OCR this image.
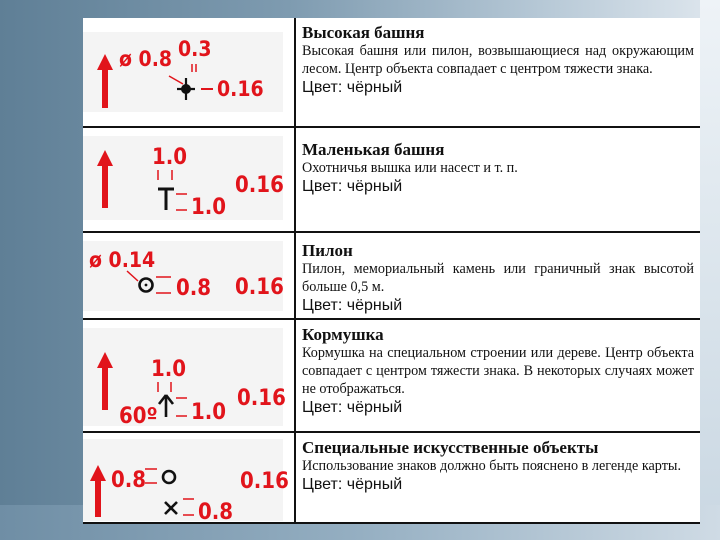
ø 0.8 0.3
0.16
Высокая башня
Высокая башня или пилон, возвышающиеся над окружающим лесом. Центр объекта совпадает с центром тяжести знака.
Цвет: чёрный
1.0
0.16
1.0
Маленькая башня
Охотничья вышка или насест и т. п.
Цвет: чёрный
ø 0.14
0.8 0.16
Пилон
Пилон, мемориальный камень или граничный знак высотой больше 0,5 м.
Цвет: чёрный
1.0
0.16
60º 1.0
Кормушка
Кормушка на специальном строении или дереве. Центр объекта совпадает с центром тяжести знака. В некоторых случаях может не отображаться.
Цвет: чёрный
0.8	0.16
0.8
Специальные искусственные объекты
Использование знаков должно быть пояснено в легенде карты.
Цвет: чёрный
